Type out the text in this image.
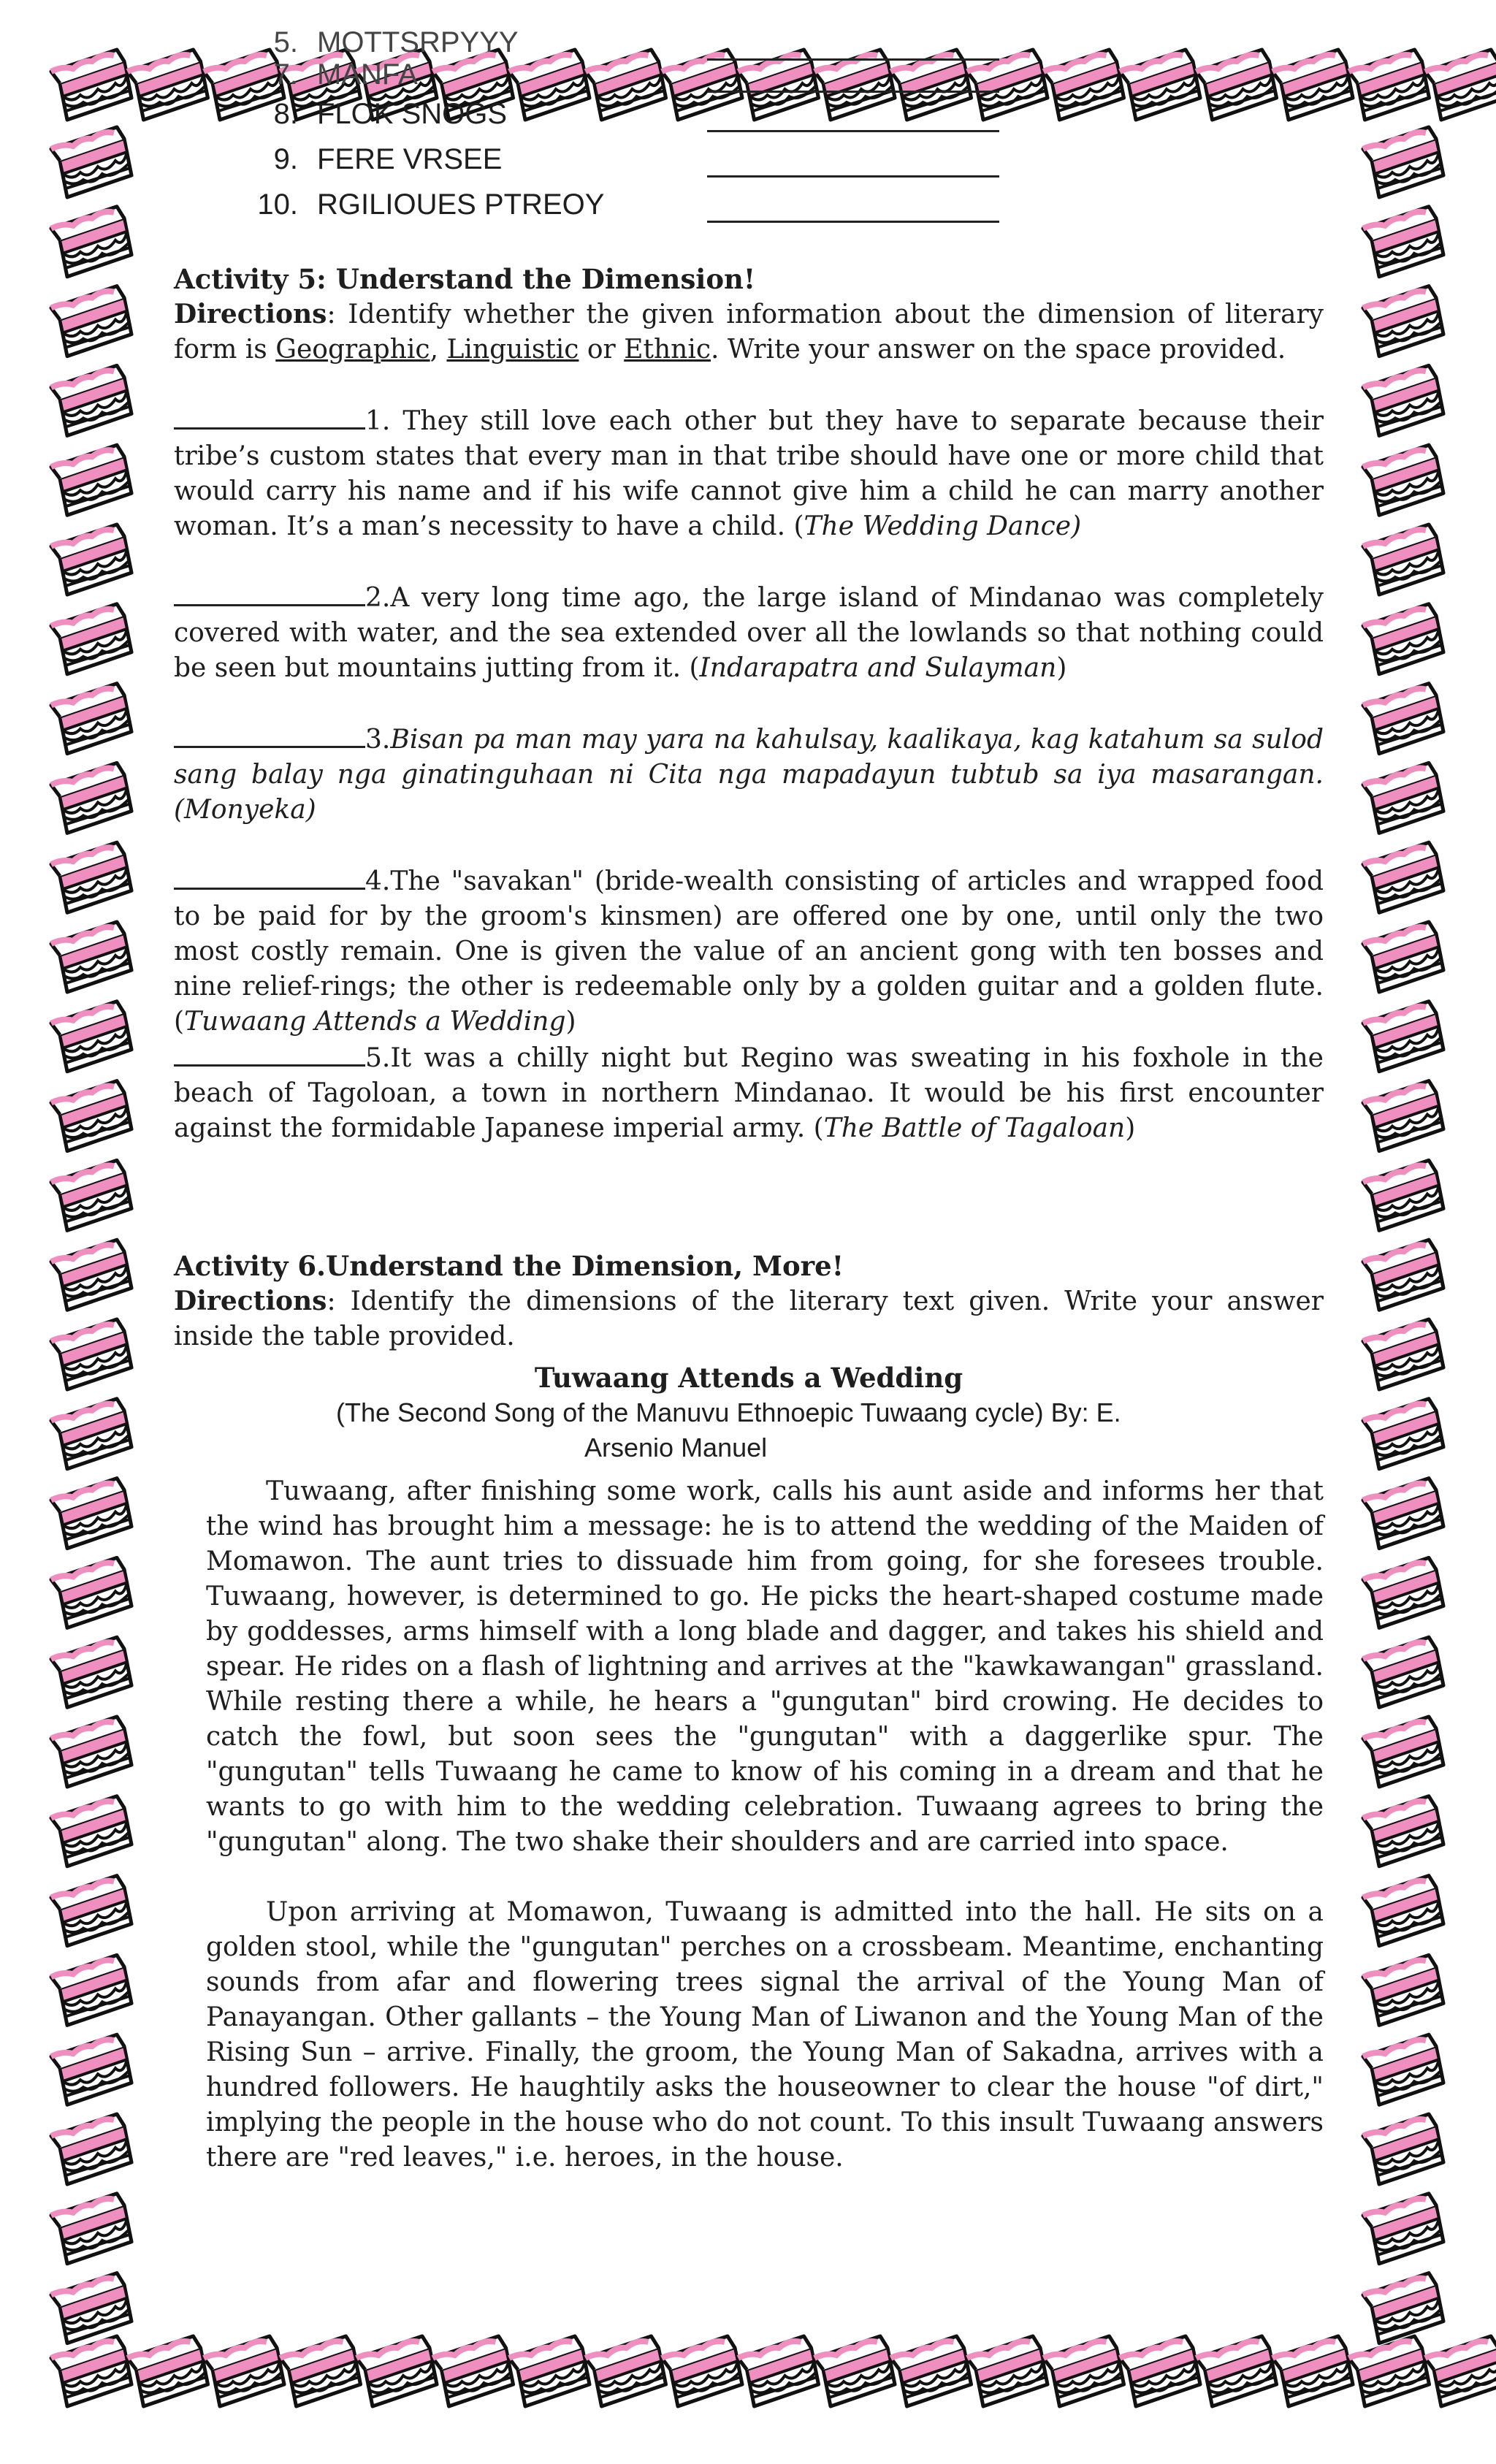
5. MOTTSRPYYY
7. MANFA
8. FLOK SNOGS
9. FERE VRSEE
10. RGILIOUES PTREOY
Activity 5: Understand the Dimension!

Directions: Identify whether the given information about the dimension of literary form is Geographic, Linguistic or Ethnic. Write your answer on the space provided.

1. They still love each other but they have to separate because their tribe’s custom states that every man in that tribe should have one or more child that would carry his name and if his wife cannot give him a child he can marry another woman. It’s a man’s necessity to have a child. (The Wedding Dance)

2.A very long time ago, the large island of Mindanao was completely covered with water, and the sea extended over all the lowlands so that nothing could be seen but mountains jutting from it. (Indarapatra and Sulayman)

3.Bisan pa man may yara na kahulsay, kaalikaya, kag katahum sa sulod sang balay nga ginatinguhaan ni Cita nga mapadayun tubtub sa iya masarangan.(Monyeka)

4.The "savakan" (bride-wealth consisting of articles and wrapped food to be paid for by the groom's kinsmen) are offered one by one, until only the two most costly remain. One is given the value of an ancient gong with ten bosses and nine relief-rings; the other is redeemable only by a golden guitar and a golden flute. (Tuwaang Attends a Wedding)

5.It was a chilly night but Regino was sweating in his foxhole in the beach of Tagoloan, a town in northern Mindanao. It would be his first encounter against the formidable Japanese imperial army. (The Battle of Tagaloan)

Activity 6.Understand the Dimension, More!

Directions: Identify the dimensions of the literary text given. Write your answer inside the table provided.

Tuwaang Attends a Wedding
(The Second Song of the Manuvu Ethnoepic Tuwaang cycle) By: E.
Arsenio Manuel

Tuwaang, after finishing some work, calls his aunt aside and informs her that the wind has brought him a message: he is to attend the wedding of the Maiden of Momawon. The aunt tries to dissuade him from going, for she foresees trouble. Tuwaang, however, is determined to go. He picks the heart-shaped costume made by goddesses, arms himself with a long blade and dagger, and takes his shield and spear. He rides on a flash of lightning and arrives at the "kawkawangan" grassland. While resting there a while, he hears a "gungutan" bird crowing. He decides to catch the fowl, but soon sees the "gungutan" with a daggerlike spur. The "gungutan" tells Tuwaang he came to know of his coming in a dream and that he wants to go with him to the wedding celebration. Tuwaang agrees to bring the "gungutan" along. The two shake their shoulders and are carried into space.

Upon arriving at Momawon, Tuwaang is admitted into the hall. He sits on a golden stool, while the "gungutan" perches on a crossbeam. Meantime, enchanting sounds from afar and flowering trees signal the arrival of the Young Man of Panayangan. Other gallants – the Young Man of Liwanon and the Young Man of the Rising Sun – arrive. Finally, the groom, the Young Man of Sakadna, arrives with a hundred followers. He haughtily asks the houseowner to clear the house "of dirt," implying the people in the house who do not count. To this insult Tuwaang answers there are "red leaves," i.e. heroes, in the house.
